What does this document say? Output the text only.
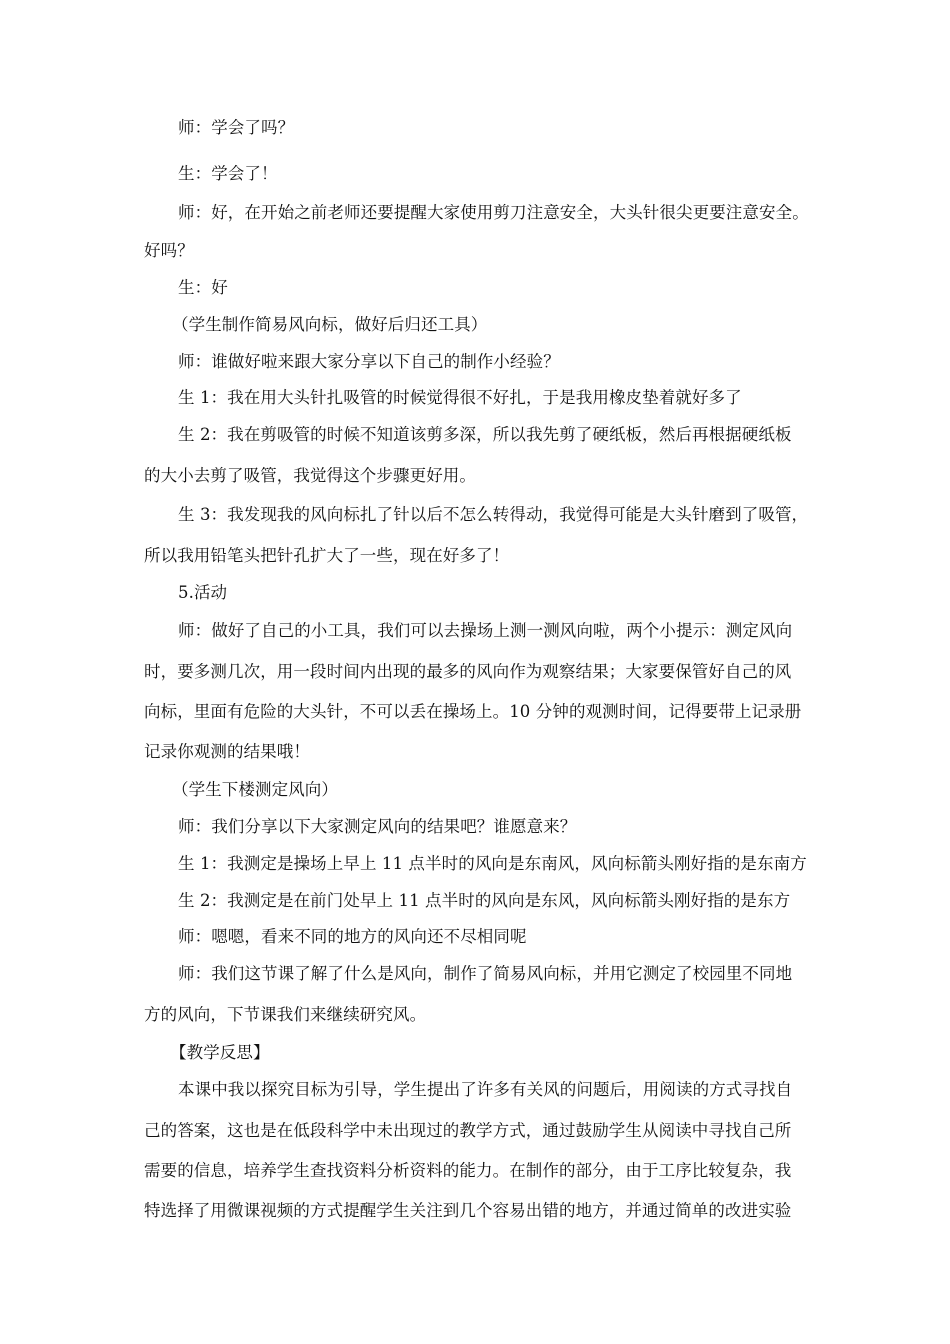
师：学会了吗？
生：学会了！
师：好，在开始之前老师还要提醒大家使用剪刀注意安全，大头针很尖更要注意安全。
好吗？
生：好
（学生制作简易风向标，做好后归还工具）
师：谁做好啦来跟大家分享以下自己的制作小经验？
生 1：我在用大头针扎吸管的时候觉得很不好扎，于是我用橡皮垫着就好多了
生 2：我在剪吸管的时候不知道该剪多深，所以我先剪了硬纸板，然后再根据硬纸板
的大小去剪了吸管，我觉得这个步骤更好用。
生 3：我发现我的风向标扎了针以后不怎么转得动，我觉得可能是大头针磨到了吸管，
所以我用铅笔头把针孔扩大了一些，现在好多了！
5.活动
师：做好了自己的小工具，我们可以去操场上测一测风向啦，两个小提示：测定风向
时，要多测几次，用一段时间内出现的最多的风向作为观察结果；大家要保管好自己的风
向标，里面有危险的大头针，不可以丢在操场上。10 分钟的观测时间，记得要带上记录册
记录你观测的结果哦！
（学生下楼测定风向）
师：我们分享以下大家测定风向的结果吧？谁愿意来？
生 1：我测定是操场上早上 11 点半时的风向是东南风，风向标箭头刚好指的是东南方
生 2：我测定是在前门处早上 11 点半时的风向是东风，风向标箭头刚好指的是东方
师：嗯嗯，看来不同的地方的风向还不尽相同呢
师：我们这节课了解了什么是风向，制作了简易风向标，并用它测定了校园里不同地
方的风向，下节课我们来继续研究风。
【教学反思】
本课中我以探究目标为引导，学生提出了许多有关风的问题后，用阅读的方式寻找自
己的答案，这也是在低段科学中未出现过的教学方式，通过鼓励学生从阅读中寻找自己所
需要的信息，培养学生查找资料分析资料的能力。在制作的部分，由于工序比较复杂，我
特选择了用微课视频的方式提醒学生关注到几个容易出错的地方，并通过简单的改进实验
